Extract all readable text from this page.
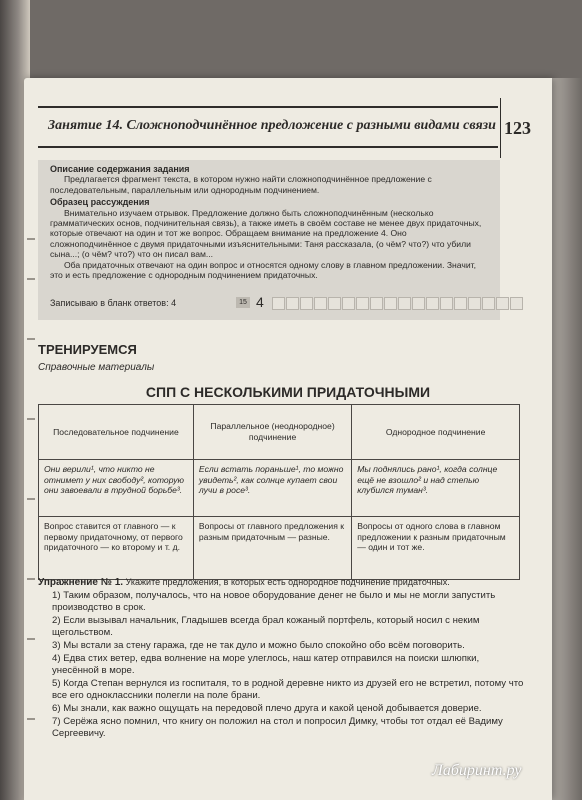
Занятие 14. Сложноподчинённое предложение с разными видами связи 123
Описание содержания задания
Предлагается фрагмент текста, в котором нужно найти сложноподчинённое предложение с последовательным, параллельным или однородным подчинением.
Образец рассуждения
Внимательно изучаем отрывок. Предложение должно быть сложноподчинённым (несколько грамматических основ, подчинительная связь), а также иметь в своём составе не менее двух придаточных, которые отвечают на один и тот же вопрос. Обращаем внимание на предложение 4. Оно сложноподчинённое с двумя придаточными изъяснительными: Таня рассказала, (о чём? что?) что убили сына...; (о чём? что?) что он писал вам...
Оба придаточных отвечают на один вопрос и относятся одному слову в главном предложении. Значит, это и есть предложение с однородным подчинением придаточных.
Записываю в бланк ответов: 4	15 4
ТРЕНИРУЕМСЯ
Справочные материалы
СПП С НЕСКОЛЬКИМИ ПРИДАТОЧНЫМИ
Последовательное подчинение	Параллельное (неоднородное) подчинение	Однородное подчинение
Они верили¹, что никто не отнимет у них свободу², которую они завоевали в трудной борьбе³.	Если встать пораньше¹, то можно увидеть², как солнце купает свои лучи в росе³.	Мы поднялись рано¹, когда солнце ещё не взошло² и над степью клубился туман³.
Вопрос ставится от главного — к первому придаточному, от первого придаточного — ко второму и т. д.	Вопросы от главного предложения к разным придаточным — разные.	Вопросы от одного слова в главном предложении к разным придаточным — один и тот же.
Упражнение № 1. Укажите предложения, в которых есть однородное подчинение придаточных.
1) Таким образом, получалось, что на новое оборудование денег не было и мы не могли запустить производство в срок.
2) Если вызывал начальник, Гладышев всегда брал кожаный портфель, который носил с неким щегольством.
3) Мы встали за стену гаража, где не так дуло и можно было спокойно обо всём поговорить.
4) Едва стих ветер, едва волнение на море улеглось, наш катер отправился на поиски шлюпки, унесённой в море.
5) Когда Степан вернулся из госпиталя, то в родной деревне никто из друзей его не встретил, потому что все его одноклассники полегли на поле брани.
6) Мы знали, как важно ощущать на передовой плечо друга и какой ценой добывается доверие.
7) Серёжа ясно помнил, что книгу он положил на стол и попросил Димку, чтобы тот отдал её Вадиму Сергеевичу.
Лабиринт.ру
